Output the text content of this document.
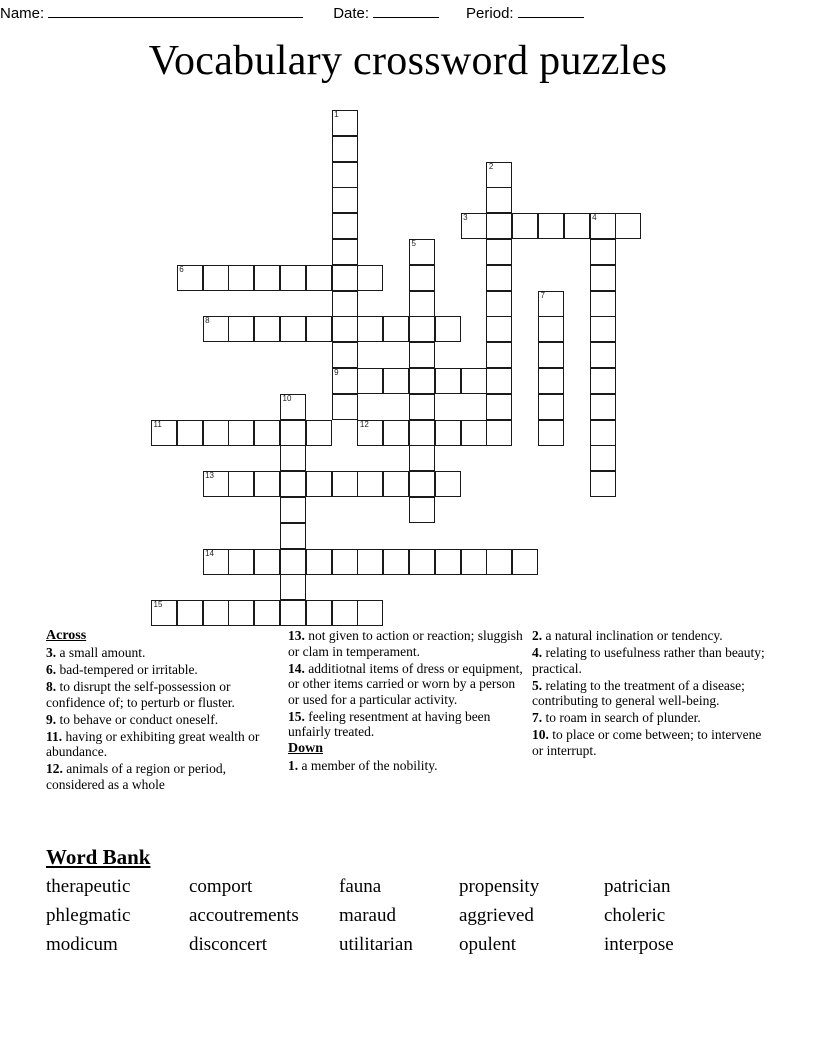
Name:	Date:	Period:
Vocabulary crossword puzzles
1
2
3	4
5
6
7
8
9
10
11	12
13
14
15
Across

3. a small amount.

6. bad-tempered or irritable.

8. to disrupt the self-possession or confidence of; to perturb or fluster.

9. to behave or conduct oneself.

11. having or exhibiting great wealth or abundance.

12. animals of a region or period, considered as a whole

13. not given to action or reaction; sluggish or clam in temperament.

14. additiotnal items of dress or equipment, or other items carried or worn by a person or used for a particular activity.

15. feeling resentment at having been unfairly treated.

Down

1. a member of the nobility.

2. a natural inclination or tendency.

4. relating to usefulness rather than beauty; practical.

5. relating to the treatment of a disease; contributing to general well-being.

7. to roam in search of plunder.

10. to place or come between; to intervene or interrupt.

Word Bank
therapeutic	comport	fauna	propensity	patrician
phlegmatic	accoutrements	maraud	aggrieved	choleric
modicum	disconcert	utilitarian	opulent	interpose
